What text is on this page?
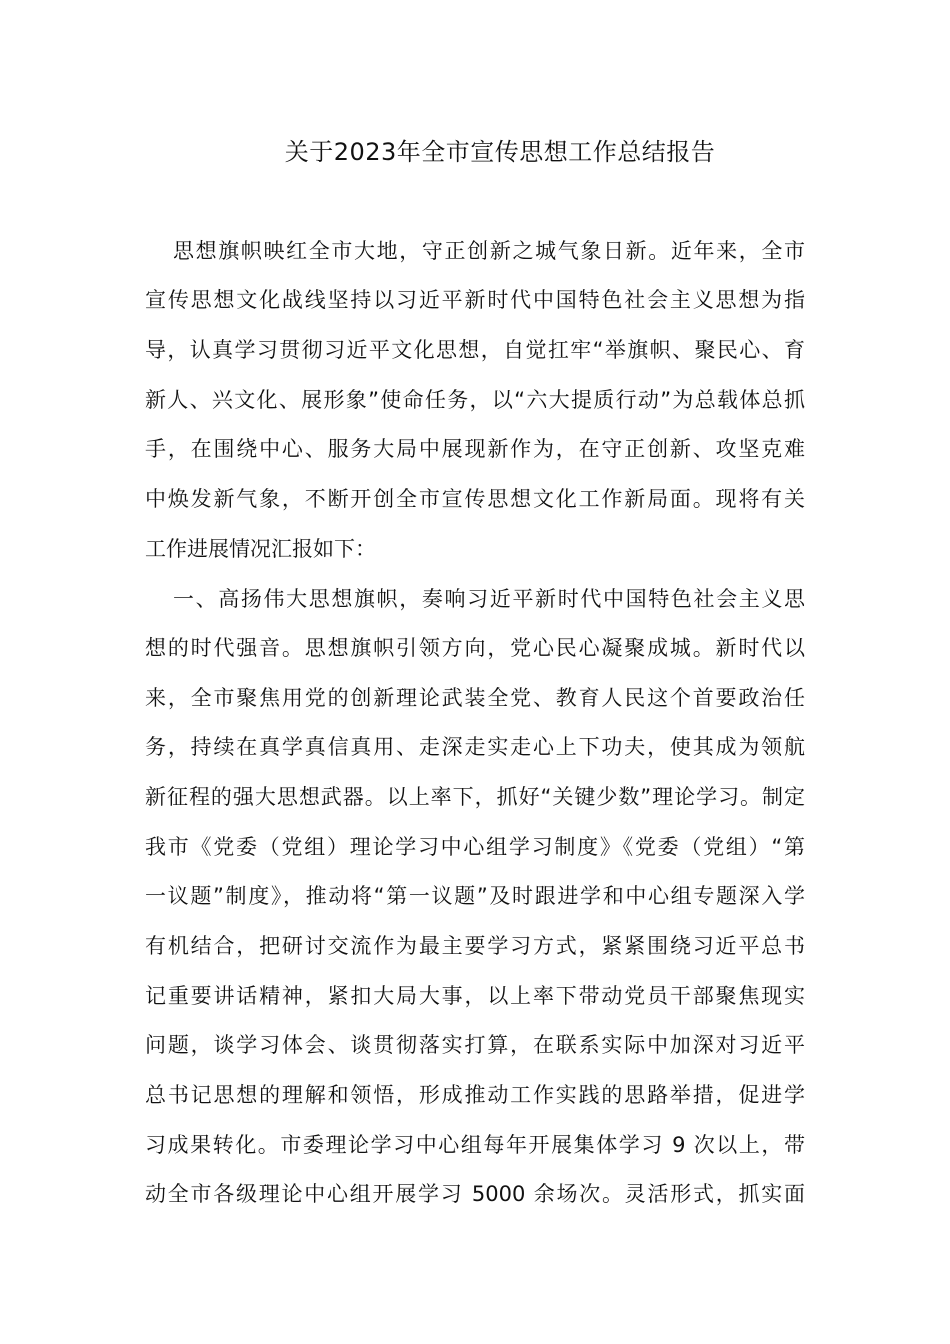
关于2023年全市宣传思想工作总结报告
思想旗帜映红全市大地，守正创新之城气象日新。近年来，全市
宣传思想文化战线坚持以习近平新时代中国特色社会主义思想为指
导，认真学习贯彻习近平文化思想，自觉扛牢“举旗帜、聚民心、育
新人、兴文化、展形象”使命任务，以“六大提质行动”为总载体总抓
手，在围绕中心、服务大局中展现新作为，在守正创新、攻坚克难
中焕发新气象，不断开创全市宣传思想文化工作新局面。现将有关
工作进展情况汇报如下：
一、高扬伟大思想旗帜，奏响习近平新时代中国特色社会主义思
想的时代强音。思想旗帜引领方向，党心民心凝聚成城。新时代以
来，全市聚焦用党的创新理论武装全党、教育人民这个首要政治任
务，持续在真学真信真用、走深走实走心上下功夫，使其成为领航
新征程的强大思想武器。以上率下，抓好“关键少数”理论学习。制定
我市《党委（党组）理论学习中心组学习制度》《党委（党组）“第
一议题”制度》，推动将“第一议题”及时跟进学和中心组专题深入学
有机结合，把研讨交流作为最主要学习方式，紧紧围绕习近平总书
记重要讲话精神，紧扣大局大事，以上率下带动党员干部聚焦现实
问题，谈学习体会、谈贯彻落实打算，在联系实际中加深对习近平
总书记思想的理解和领悟，形成推动工作实践的思路举措，促进学
习成果转化。市委理论学习中心组每年开展集体学习 9 次以上，带
动全市各级理论中心组开展学习 5000 余场次。灵活形式，抓实面
